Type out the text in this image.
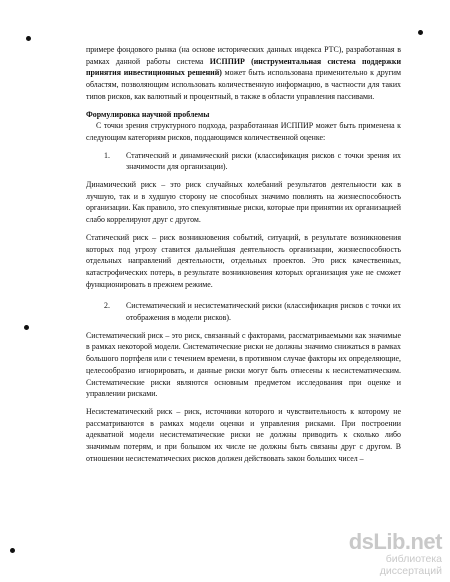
примере фондового рынка (на основе исторических данных индекса РТС), разработанная в рамках данной работы система ИСППИР (инструментальная система поддержки принятия инвестиционных решений) может быть использована применительно к другим областям, позволяющим использовать количественную информацию, в частности для таких типов рисков, как валютный и процентный, в также в области управления пассивами.

Формулировка научной проблемы

С точки зрения структурного подхода, разработанная ИСППИР может быть применена к следующим категориям рисков, поддающимся количественной оценке:

1.	Статический и динамический риски (классификация рисков с точки зрения их значимости для организации).

Динамический риск – это риск случайных колебаний результатов деятельности как в лучшую, так и в худшую сторону не способных значимо повлиять на жизнеспособность организации. Как правило, это спекулятивные риски, которые при принятии их организацией слабо коррелируют друг с другом.

Статический риск – риск возникновения событий, ситуаций, в результате возникновения которых под угрозу ставится дальнейшая деятельность организации, жизнеспособность отдельных направлений деятельности, отдельных проектов. Это риск качественных, катастрофических потерь, в результате возникновения которых организация уже не сможет функционировать в прежнем режиме.

2.	Систематический и несистематический риски (классификация рисков с точки их отображения в модели рисков).

Систематический риск – это риск, связанный с факторами, рассматриваемыми как значимые в рамках некоторой модели. Систематические риски не должны значимо снижаться в рамках большого портфеля или с течением времени, в противном случае факторы их определяющие, целесообразно игнорировать, и данные риски могут быть отнесены к несистематическим. Систематические риски являются основным предметом исследования при оценке и управлении рисками.

Несистематический риск – риск, источники которого и чувствительность к которому не рассматриваются в рамках модели оценки и управления рисками. При построении адекватной модели несистематические риски не должны приводить к сколько либо значимым потерям, и при большом их числе не должны быть связаны друг с другом. В отношении несистематических рисков должен действовать закон больших чисел –

dsLib.net
библиотека диссертаций
